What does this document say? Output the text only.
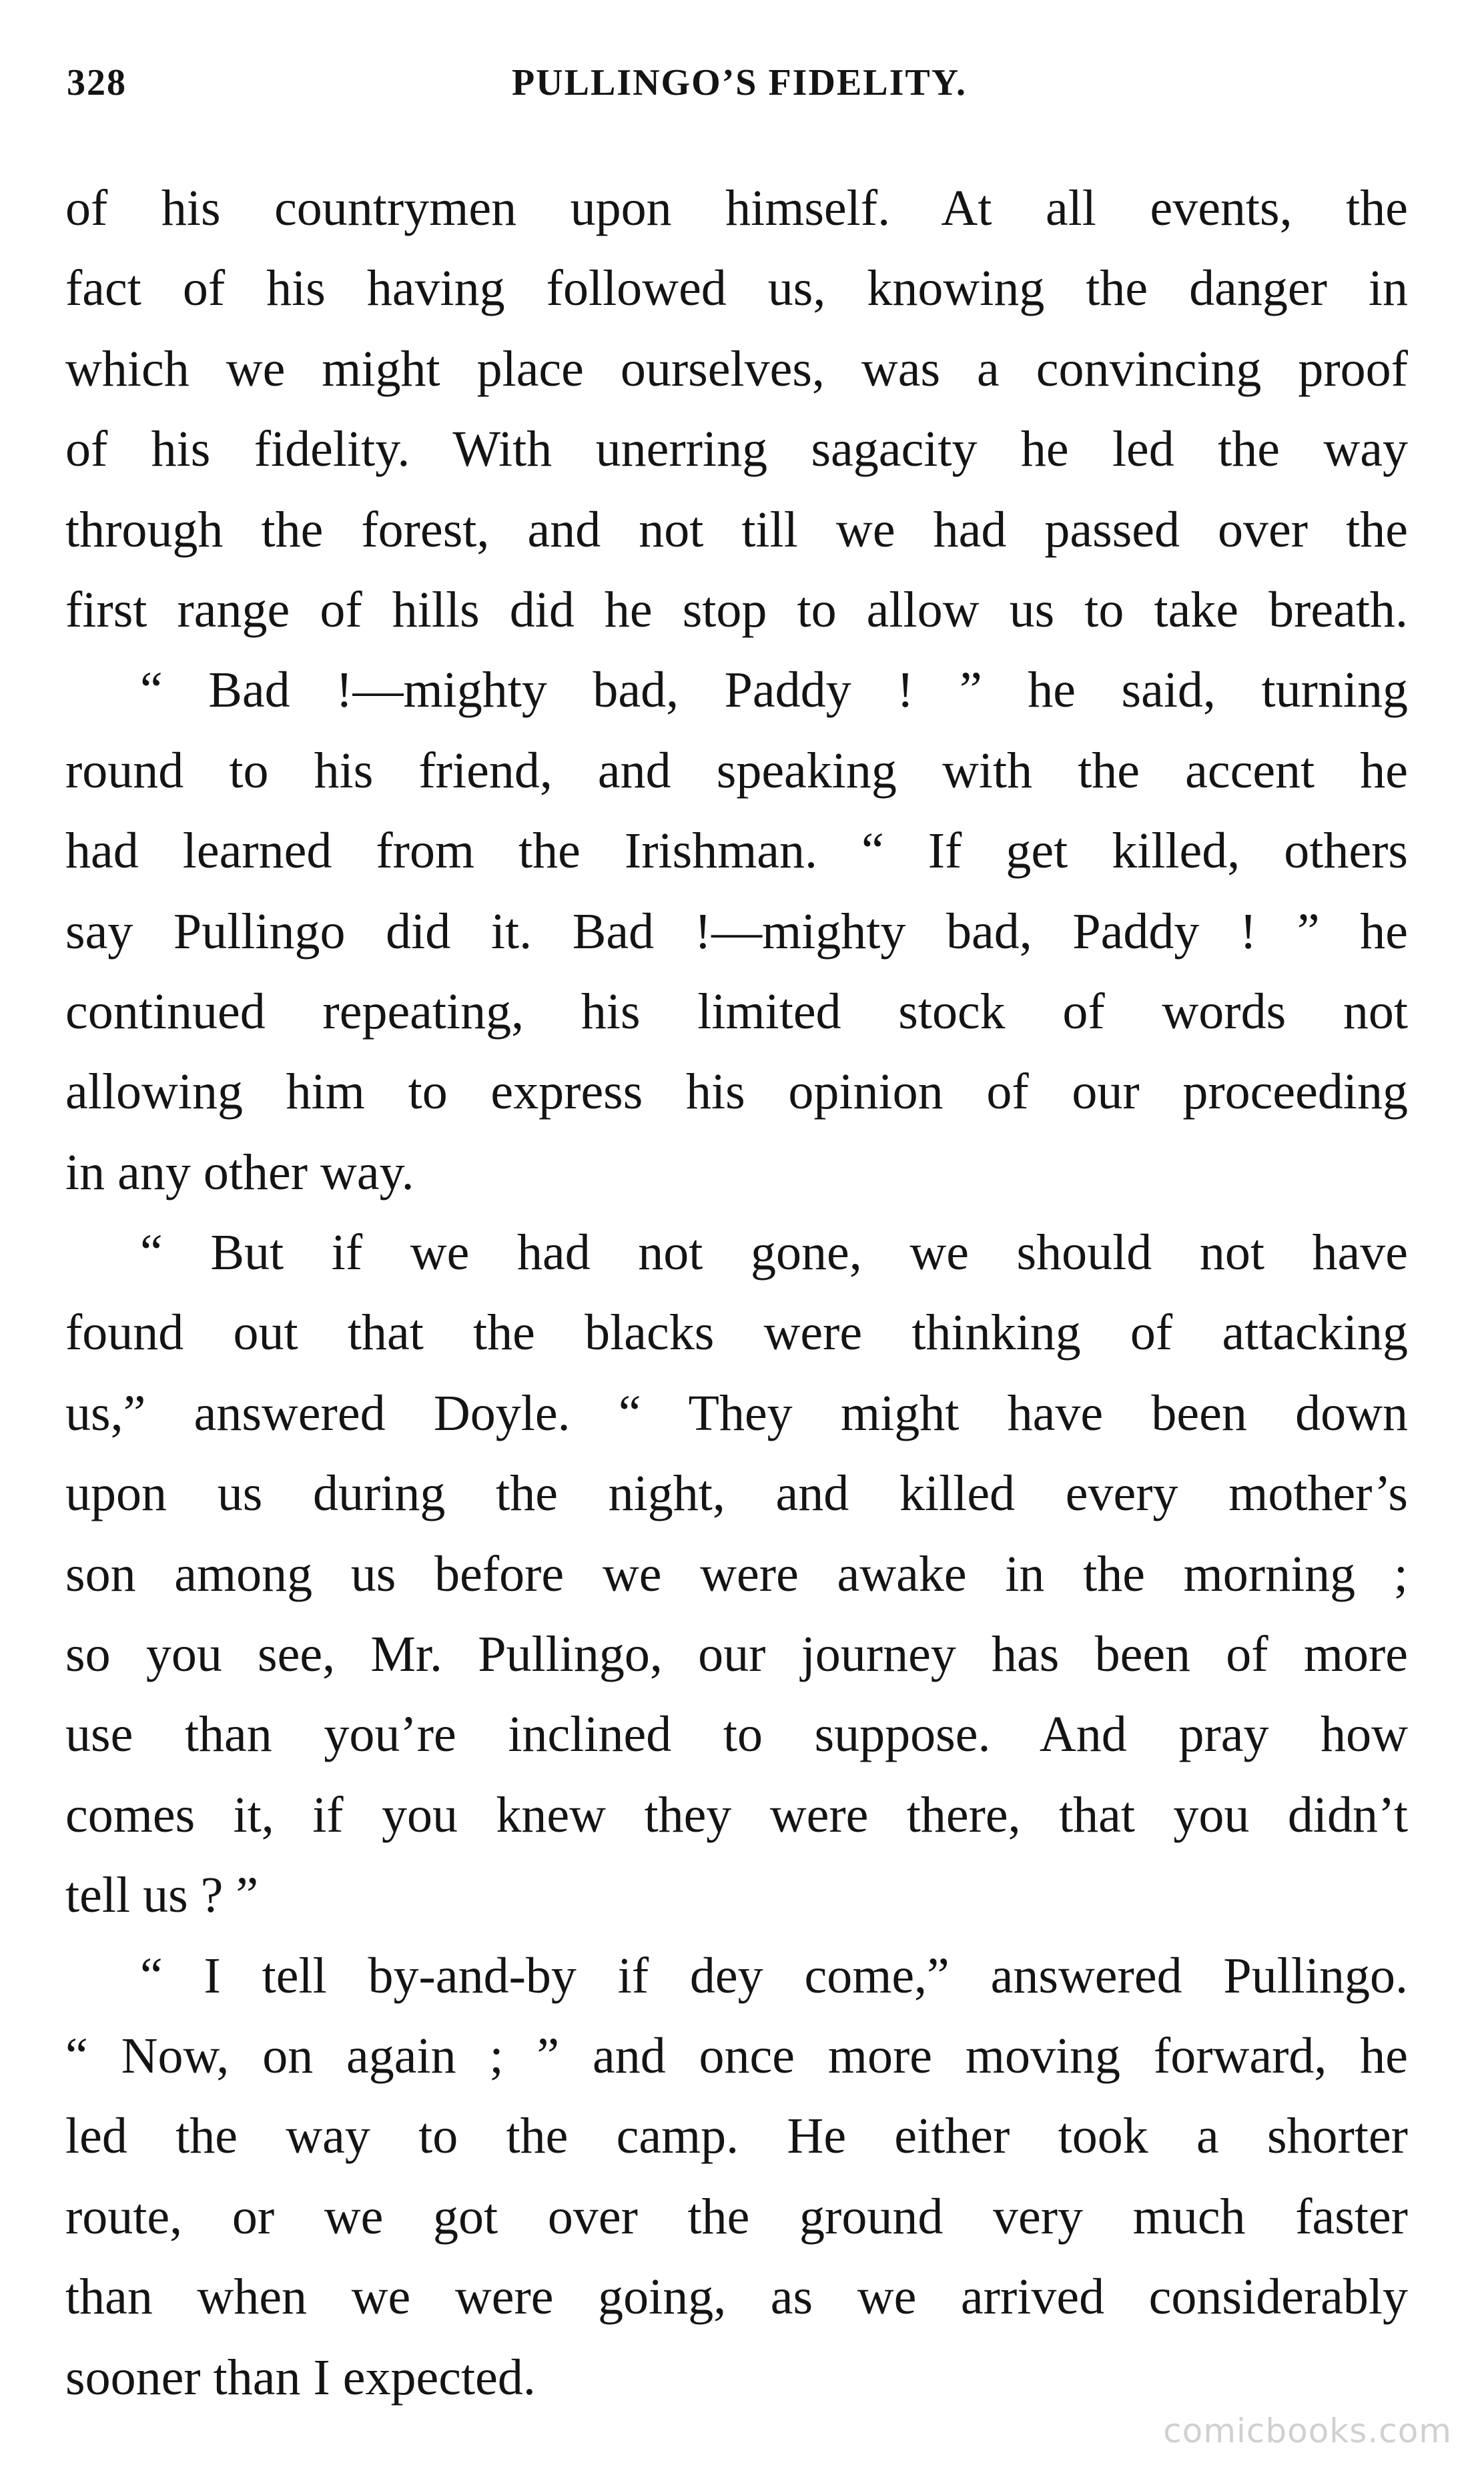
328	PULLINGO’S FIDELITY.
of his countrymen upon himself. At all events, the
fact of his having followed us, knowing the danger in
which we might place ourselves, was a convincing proof
of his fidelity. With unerring sagacity he led the way
through the forest, and not till we had passed over the
first range of hills did he stop to allow us to take breath.
“ Bad !—mighty bad, Paddy ! ” he said, turning
round to his friend, and speaking with the accent he
had learned from the Irishman. “ If get killed, others
say Pullingo did it. Bad !—mighty bad, Paddy ! ” he
continued repeating, his limited stock of words not
allowing him to express his opinion of our proceeding
in any other way.
“ But if we had not gone, we should not have
found out that the blacks were thinking of attacking
us,” answered Doyle. “ They might have been down
upon us during the night, and killed every mother’s
son among us before we were awake in the morning ;
so you see, Mr. Pullingo, our journey has been of more
use than you’re inclined to suppose. And pray how
comes it, if you knew they were there, that you didn’t
tell us ? ”
“ I tell by-and-by if dey come,” answered Pullingo.
“ Now, on again ; ” and once more moving forward, he
led the way to the camp. He either took a shorter
route, or we got over the ground very much faster
than when we were going, as we arrived considerably
sooner than I expected.
comicbooks.com
